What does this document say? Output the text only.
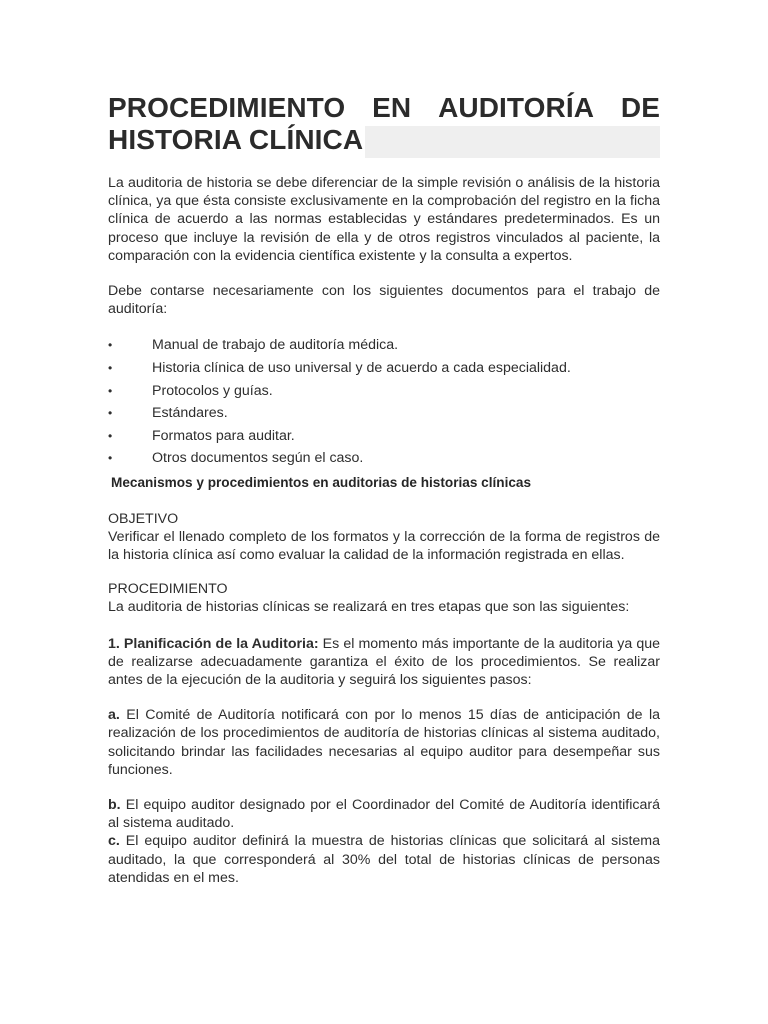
PROCEDIMIENTO EN AUDITORÍA DE
HISTORIA CLÍNICA

La auditoria de historia se debe diferenciar de la simple revisión o análisis de la historia clínica, ya que ésta consiste exclusivamente en la comprobación del registro en la ficha clínica de acuerdo a las normas establecidas y estándares predeterminados. Es un proceso que incluye la revisión de ella y de otros registros vinculados al paciente, la comparación con la evidencia científica existente y la consulta a expertos.

Debe contarse necesariamente con los siguientes documentos para el trabajo de auditoría:

•	Manual de trabajo de auditoría médica.
•	Historia clínica de uso universal y de acuerdo a cada especialidad.
•	Protocolos y guías.
•	Estándares.
•	Formatos para auditar.
•	Otros documentos según el caso.

Mecanismos y procedimientos en auditorias de historias clínicas

OBJETIVO

Verificar el llenado completo de los formatos y la corrección de la forma de registros de la historia clínica así como evaluar la calidad de la información registrada en ellas.

PROCEDIMIENTO

La auditoria de historias clínicas se realizará en tres etapas que son las siguientes:

1. Planificación de la Auditoria: Es el momento más importante de la auditoria ya que de realizarse adecuadamente garantiza el éxito de los procedimientos. Se realizar antes de la ejecución de la auditoria y seguirá los siguientes pasos:

a. El Comité de Auditoría notificará con por lo menos 15 días de anticipación de la realización de los procedimientos de auditoría de historias clínicas al sistema auditado, solicitando brindar las facilidades necesarias al equipo auditor para desempeñar sus funciones.

b. El equipo auditor designado por el Coordinador del Comité de Auditoría identificará al sistema auditado.

c. El equipo auditor definirá la muestra de historias clínicas que solicitará al sistema auditado, la que corresponderá al 30% del total de historias clínicas de personas atendidas en el mes.
